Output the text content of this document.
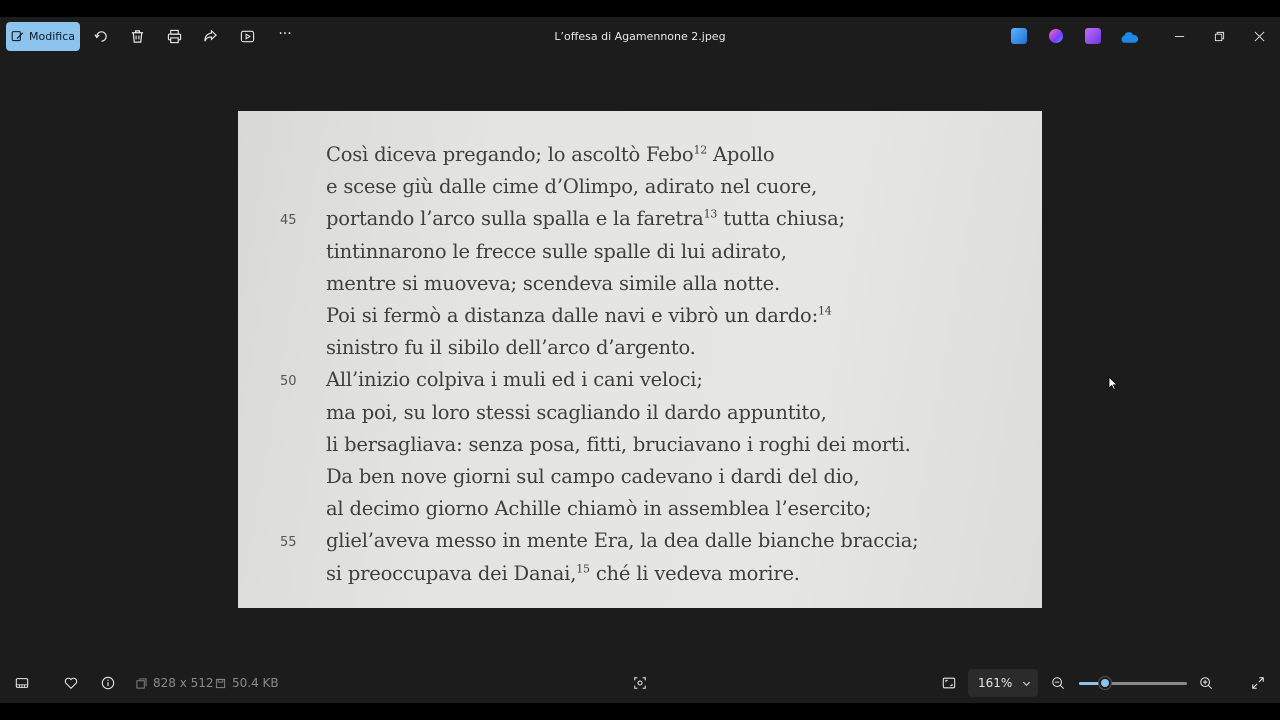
Modifica	···	L’offesa di Agamennone 2.jpeg
Così diceva pregando; lo ascoltò Febo$^{12}$ Apollo
e scese giù dalle cime d’Olimpo, adirato nel cuore,
portando l’arco sulla spalla e la faretra$^{13}$ tutta chiusa;
45
tintinnarono le frecce sulle spalle di lui adirato,
mentre si muoveva; scendeva simile alla notte.
Poi si fermò a distanza dalle navi e vibrò un dardo:$^{14}$
sinistro fu il sibilo dell’arco d’argento.
All’inizio colpiva i muli ed i cani veloci;
50
ma poi, su loro stessi scagliando il dardo appuntito,
li bersagliava: senza posa, fitti, bruciavano i roghi dei morti.
Da ben nove giorni sul campo cadevano i dardi del dio,
al decimo giorno Achille chiamò in assemblea l’esercito;
gliel’aveva messo in mente Era, la dea dalle bianche braccia;
55
si preoccupava dei Danai,$^{15}$ ché li vedeva morire.
828 x 512 50.4 KB	161%
